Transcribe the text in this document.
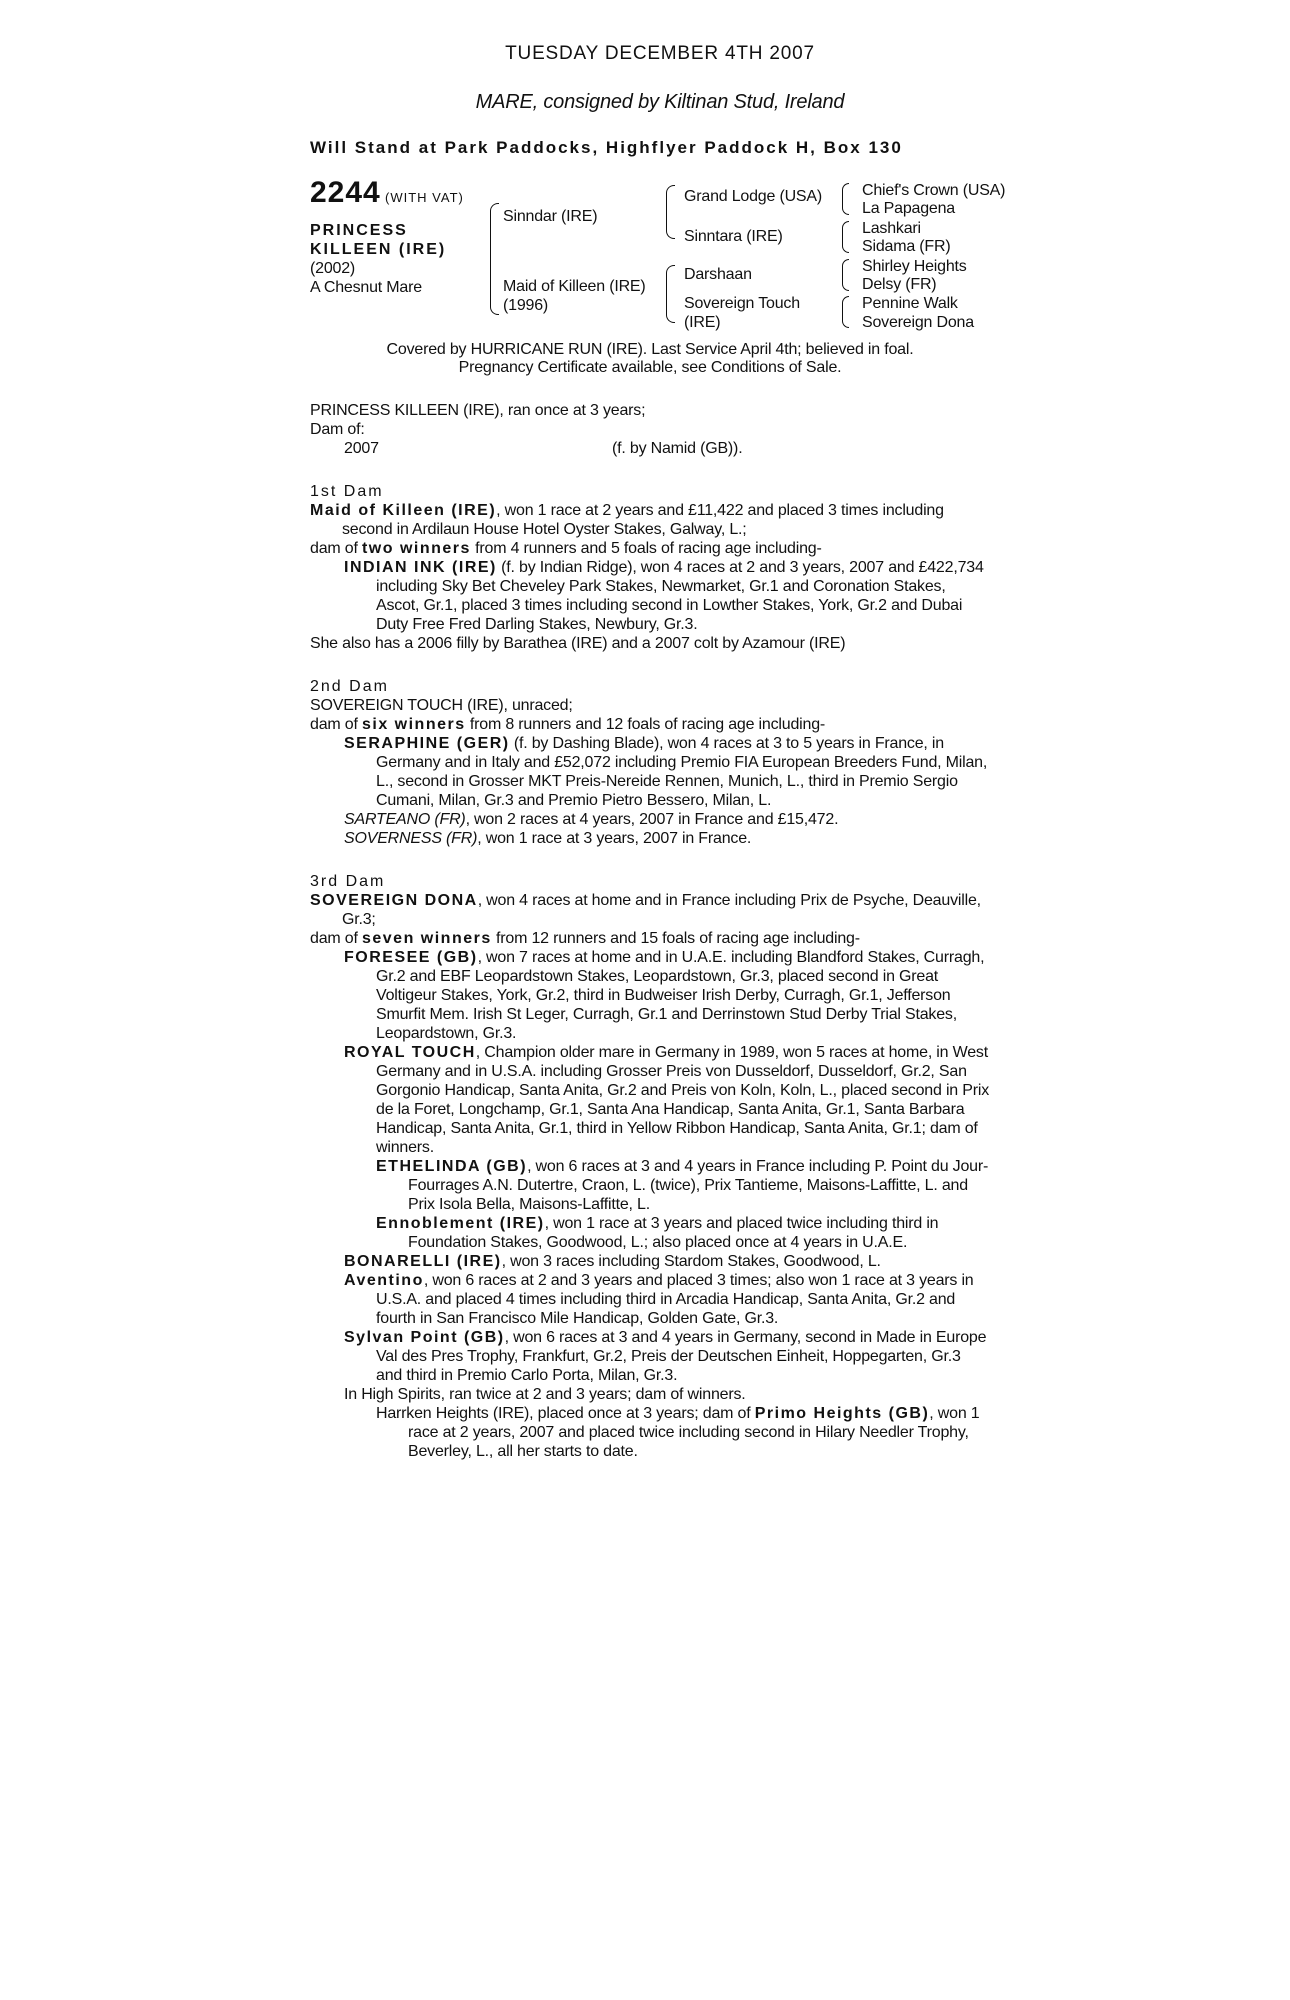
TUESDAY DECEMBER 4TH 2007
MARE, consigned by Kiltinan Stud, Ireland
Will Stand at Park Paddocks, Highflyer Paddock H, Box 130
2244 (WITH VAT)
PRINCESS
KILLEEN (IRE)
(2002)
A Chesnut Mare
Sinndar (IRE)
Maid of Killeen (IRE)
(1996)
Grand Lodge (USA)
Sinntara (IRE)
Darshaan
Sovereign Touch
(IRE)
Chief's Crown (USA)
La Papagena
Lashkari
Sidama (FR)
Shirley Heights
Delsy (FR)
Pennine Walk
Sovereign Dona
Covered by HURRICANE RUN (IRE). Last Service April 4th; believed in foal.
Pregnancy Certificate available, see Conditions of Sale.
PRINCESS KILLEEN (IRE), ran once at 3 years;
Dam of:
2007	(f. by Namid (GB)).
1st Dam
Maid of Killeen (IRE), won 1 race at 2 years and £11,422 and placed 3 times including second in Ardilaun House Hotel Oyster Stakes, Galway, L.;
dam of two winners from 4 runners and 5 foals of racing age including-
INDIAN INK (IRE) (f. by Indian Ridge), won 4 races at 2 and 3 years, 2007 and £422,734 including Sky Bet Cheveley Park Stakes, Newmarket, Gr.1 and Coronation Stakes, Ascot, Gr.1, placed 3 times including second in Lowther Stakes, York, Gr.2 and Dubai Duty Free Fred Darling Stakes, Newbury, Gr.3.
She also has a 2006 filly by Barathea (IRE) and a 2007 colt by Azamour (IRE)
2nd Dam
SOVEREIGN TOUCH (IRE), unraced;
dam of six winners from 8 runners and 12 foals of racing age including-
SERAPHINE (GER) (f. by Dashing Blade), won 4 races at 3 to 5 years in France, in Germany and in Italy and £52,072 including Premio FIA European Breeders Fund, Milan, L., second in Grosser MKT Preis-Nereide Rennen, Munich, L., third in Premio Sergio Cumani, Milan, Gr.3 and Premio Pietro Bessero, Milan, L.
SARTEANO (FR), won 2 races at 4 years, 2007 in France and £15,472.
SOVERNESS (FR), won 1 race at 3 years, 2007 in France.
3rd Dam
SOVEREIGN DONA, won 4 races at home and in France including Prix de Psyche, Deauville, Gr.3;
dam of seven winners from 12 runners and 15 foals of racing age including-
FORESEE (GB), won 7 races at home and in U.A.E. including Blandford Stakes, Curragh, Gr.2 and EBF Leopardstown Stakes, Leopardstown, Gr.3, placed second in Great Voltigeur Stakes, York, Gr.2, third in Budweiser Irish Derby, Curragh, Gr.1, Jefferson Smurfit Mem. Irish St Leger, Curragh, Gr.1 and Derrinstown Stud Derby Trial Stakes, Leopardstown, Gr.3.
ROYAL TOUCH, Champion older mare in Germany in 1989, won 5 races at home, in West Germany and in U.S.A. including Grosser Preis von Dusseldorf, Dusseldorf, Gr.2, San Gorgonio Handicap, Santa Anita, Gr.2 and Preis von Koln, Koln, L., placed second in Prix de la Foret, Longchamp, Gr.1, Santa Ana Handicap, Santa Anita, Gr.1, Santa Barbara Handicap, Santa Anita, Gr.1, third in Yellow Ribbon Handicap, Santa Anita, Gr.1; dam of winners.
ETHELINDA (GB), won 6 races at 3 and 4 years in France including P. Point du Jour-Fourrages A.N. Dutertre, Craon, L. (twice), Prix Tantieme, Maisons-Laffitte, L. and Prix Isola Bella, Maisons-Laffitte, L.
Ennoblement (IRE), won 1 race at 3 years and placed twice including third in Foundation Stakes, Goodwood, L.; also placed once at 4 years in U.A.E.
BONARELLI (IRE), won 3 races including Stardom Stakes, Goodwood, L.
Aventino, won 6 races at 2 and 3 years and placed 3 times; also won 1 race at 3 years in U.S.A. and placed 4 times including third in Arcadia Handicap, Santa Anita, Gr.2 and fourth in San Francisco Mile Handicap, Golden Gate, Gr.3.
Sylvan Point (GB), won 6 races at 3 and 4 years in Germany, second in Made in Europe Val des Pres Trophy, Frankfurt, Gr.2, Preis der Deutschen Einheit, Hoppegarten, Gr.3 and third in Premio Carlo Porta, Milan, Gr.3.
In High Spirits, ran twice at 2 and 3 years; dam of winners.
Harrken Heights (IRE), placed once at 3 years; dam of Primo Heights (GB), won 1 race at 2 years, 2007 and placed twice including second in Hilary Needler Trophy, Beverley, L., all her starts to date.
